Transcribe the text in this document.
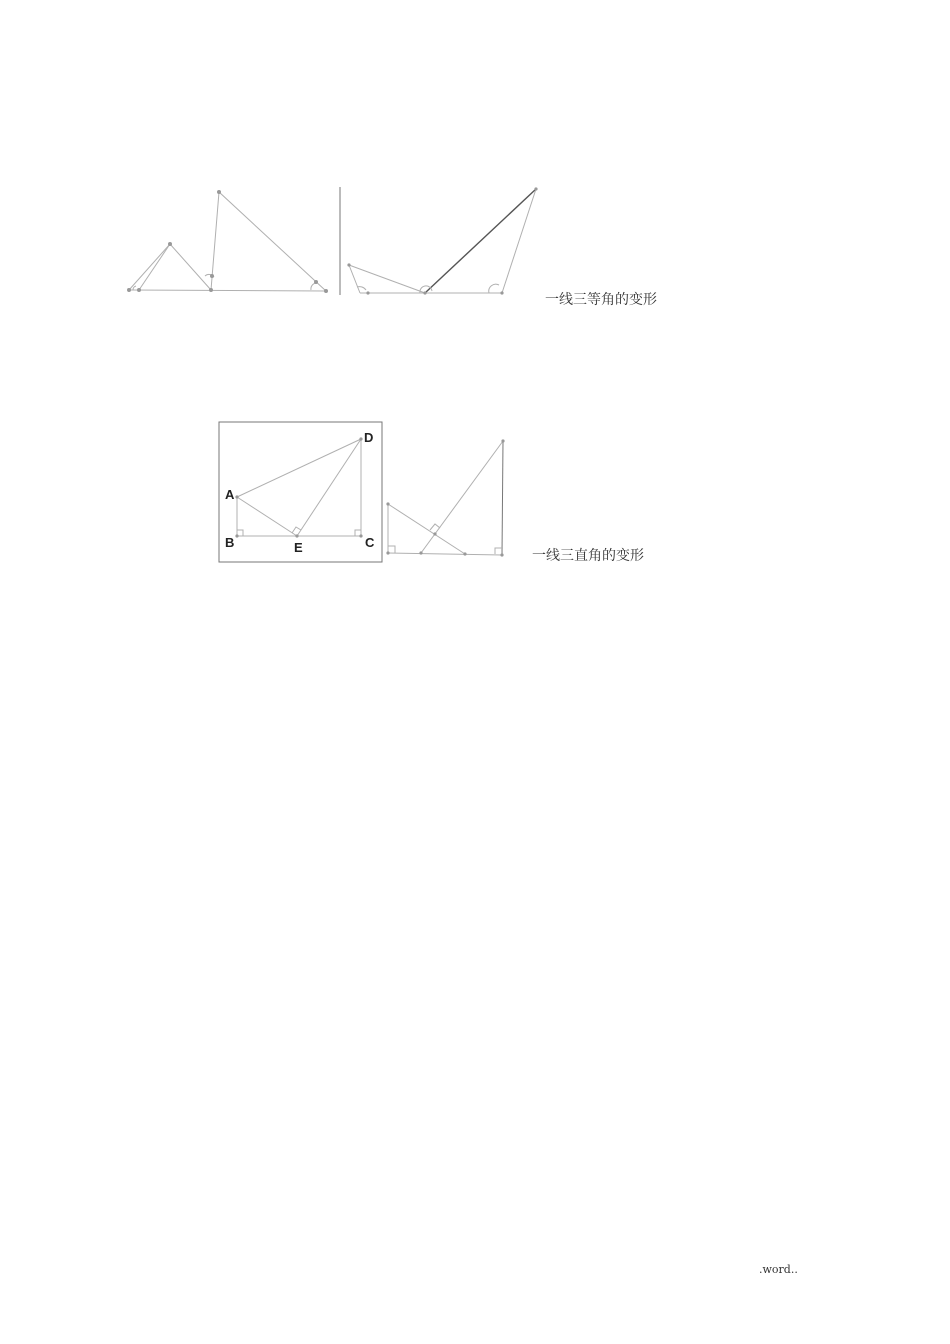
A
B	E	C
D
一线三等角的变形
一线三直角的变形
.word..
